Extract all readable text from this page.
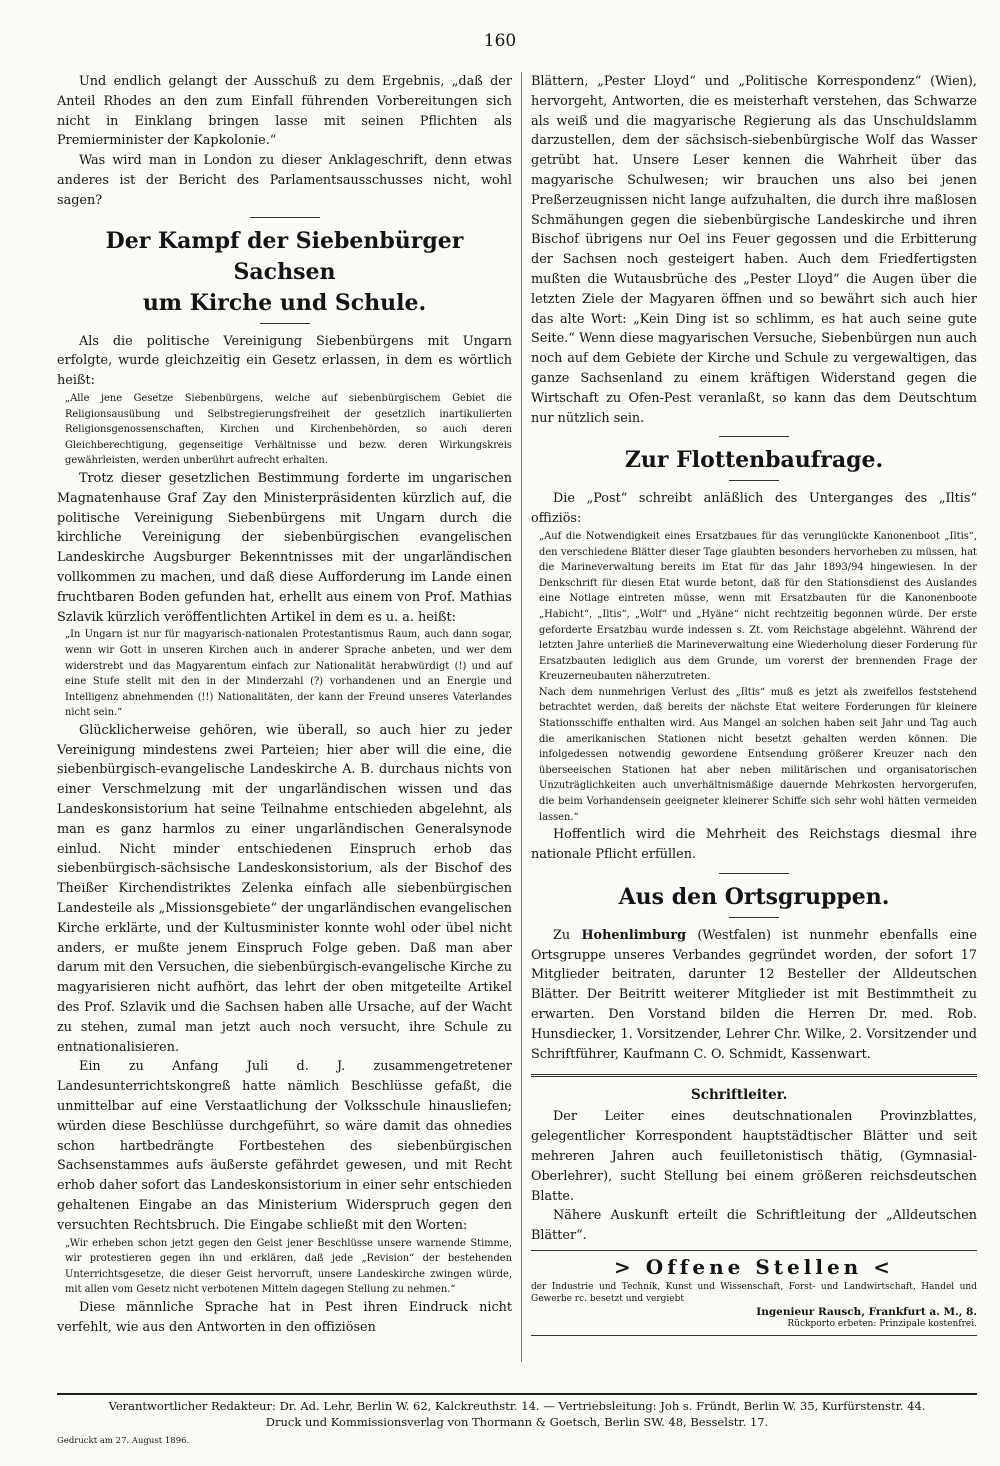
160

Und endlich gelangt der Ausschuß zu dem Ergebnis, „daß der Anteil Rhodes an den zum Einfall führenden Vorbereitungen sich nicht in Einklang bringen lasse mit seinen Pflichten als Premierminister der Kapkolonie.“

Was wird man in London zu dieser Anklageschrift, denn etwas anderes ist der Bericht des Parlamentsausschusses nicht, wohl sagen?

Der Kampf der Siebenbürger Sachsen

um Kirche und Schule.

Als die politische Vereinigung Siebenbürgens mit Ungarn erfolgte, wurde gleichzeitig ein Gesetz erlassen, in dem es wörtlich heißt:

„Alle jene Gesetze Siebenbürgens, welche auf siebenbürgischem Gebiet die Religionsausübung und Selbstregierungsfreiheit der gesetzlich inartikulierten Religionsgenossenschaften, Kirchen und Kirchenbehörden, so auch deren Gleichberechtigung, gegenseitige Verhältnisse und bezw. deren Wirkungskreis gewährleisten, werden unberührt aufrecht erhalten.

Trotz dieser gesetzlichen Bestimmung forderte im ungarischen Magnatenhause Graf Zay den Ministerpräsidenten kürzlich auf, die politische Vereinigung Siebenbürgens mit Ungarn durch die kirchliche Vereinigung der siebenbürgischen evangelischen Landeskirche Augsburger Bekenntnisses mit der ungarländischen vollkommen zu machen, und daß diese Aufforderung im Lande einen fruchtbaren Boden gefunden hat, erhellt aus einem von Prof. Mathias Szlavik kürzlich veröffentlichten Artikel in dem es u. a. heißt:

„In Ungarn ist nur für magyarisch-nationalen Protestantismus Raum, auch dann sogar, wenn wir Gott in unseren Kirchen auch in anderer Sprache anbeten, und wer dem widerstrebt und das Magyarentum einfach zur Nationalität herabwürdigt (!) und auf eine Stufe stellt mit den in der Minderzahl (?) vorhandenen und an Energie und Intelligenz abnehmenden (!!) Nationalitäten, der kann der Freund unseres Vaterlandes nicht sein.“

Glücklicherweise gehören, wie überall, so auch hier zu jeder Vereinigung mindestens zwei Parteien; hier aber will die eine, die siebenbürgisch-evangelische Landeskirche A. B. durchaus nichts von einer Verschmelzung mit der ungarländischen wissen und das Landeskonsistorium hat seine Teilnahme entschieden abgelehnt, als man es ganz harmlos zu einer ungarländischen Generalsynode einlud. Nicht minder entschiedenen Einspruch erhob das siebenbürgisch-sächsische Landeskonsistorium, als der Bischof des Theißer Kirchendistriktes Zelenka einfach alle siebenbürgischen Landesteile als „Missionsgebiete“ der ungarländischen evangelischen Kirche erklärte, und der Kultusminister konnte wohl oder übel nicht anders, er mußte jenem Einspruch Folge geben. Daß man aber darum mit den Versuchen, die siebenbürgisch-evangelische Kirche zu magyarisieren nicht aufhört, das lehrt der oben mitgeteilte Artikel des Prof. Szlavik und die Sachsen haben alle Ursache, auf der Wacht zu stehen, zumal man jetzt auch noch versucht, ihre Schule zu entnationalisieren.

Ein zu Anfang Juli d. J. zusammengetretener Landesunterrichtskongreß hatte nämlich Beschlüsse gefaßt, die unmittelbar auf eine Verstaatlichung der Volksschule hinausliefen; würden diese Beschlüsse durchgeführt, so wäre damit das ohnedies schon hartbedrängte Fortbestehen des siebenbürgischen Sachsenstammes aufs äußerste gefährdet gewesen, und mit Recht erhob daher sofort das Landeskonsistorium in einer sehr entschieden gehaltenen Eingabe an das Ministerium Widerspruch gegen den versuchten Rechtsbruch. Die Eingabe schließt mit den Worten:

„Wir erheben schon jetzt gegen den Geist jener Beschlüsse unsere warnende Stimme, wir protestieren gegen ihn und erklären, daß jede „Revision“ der bestehenden Unterrichtsgesetze, die dieser Geist hervorruft, unsere Landeskirche zwingen würde, mit allen vom Gesetz nicht verbotenen Mitteln dagegen Stellung zu nehmen.“

Diese männliche Sprache hat in Pest ihren Eindruck nicht verfehlt, wie aus den Antworten in den offiziösen

Blättern, „Pester Lloyd“ und „Politische Korrespondenz“ (Wien), hervorgeht, Antworten, die es meisterhaft verstehen, das Schwarze als weiß und die magyarische Regierung als das Unschuldslamm darzustellen, dem der sächsisch-siebenbürgische Wolf das Wasser getrübt hat. Unsere Leser kennen die Wahrheit über das magyarische Schulwesen; wir brauchen uns also bei jenen Preßerzeugnissen nicht lange aufzuhalten, die durch ihre maßlosen Schmähungen gegen die siebenbürgische Landeskirche und ihren Bischof übrigens nur Oel ins Feuer gegossen und die Erbitterung der Sachsen noch gesteigert haben. Auch dem Friedfertigsten mußten die Wutausbrüche des „Pester Lloyd“ die Augen über die letzten Ziele der Magyaren öffnen und so bewährt sich auch hier das alte Wort: „Kein Ding ist so schlimm, es hat auch seine gute Seite.“ Wenn diese magyarischen Versuche, Siebenbürgen nun auch noch auf dem Gebiete der Kirche und Schule zu vergewaltigen, das ganze Sachsenland zu einem kräftigen Widerstand gegen die Wirtschaft zu Ofen-Pest veranlaßt, so kann das dem Deutschtum nur nützlich sein.

Zur Flottenbaufrage.

Die „Post“ schreibt anläßlich des Unterganges des „Iltis“ offiziös:

„Auf die Notwendigkeit eines Ersatzbaues für das verunglückte Kanonenboot „Iltis“, den verschiedene Blätter dieser Tage glaubten besonders hervorheben zu müssen, hat die Marineverwaltung bereits im Etat für das Jahr 1893/94 hingewiesen. In der Denkschrift für diesen Etat wurde betont, daß für den Stationsdienst des Auslandes eine Notlage eintreten müsse, wenn mit Ersatzbauten für die Kanonenboote „Habicht“, „Iltis“, „Wolf“ und „Hyäne“ nicht rechtzeitig begonnen würde. Der erste geforderte Ersatzbau wurde indessen s. Zt. vom Reichstage abgelehnt. Während der letzten Jahre unterließ die Marineverwaltung eine Wiederholung dieser Forderung für Ersatzbauten lediglich aus dem Grunde, um vorerst der brennenden Frage der Kreuzerneubauten näherzutreten.

Nach dem nunmehrigen Verlust des „Iltis“ muß es jetzt als zweifellos feststehend betrachtet werden, daß bereits der nächste Etat weitere Forderungen für kleinere Stationsschiffe enthalten wird. Aus Mangel an solchen haben seit Jahr und Tag auch die amerikanischen Stationen nicht besetzt gehalten werden können. Die infolgedessen notwendig gewordene Entsendung größerer Kreuzer nach den überseeischen Stationen hat aber neben militärischen und organisatorischen Unzuträglichkeiten auch unverhältnismäßige dauernde Mehrkosten hervorgerufen, die beim Vorhandensein geeigneter kleinerer Schiffe sich sehr wohl hätten vermeiden lassen.“

Hoffentlich wird die Mehrheit des Reichstags diesmal ihre nationale Pflicht erfüllen.

Aus den Ortsgruppen.

Zu Hohenlimburg (Westfalen) ist nunmehr ebenfalls eine Ortsgruppe unseres Verbandes gegründet worden, der sofort 17 Mitglieder beitraten, darunter 12 Besteller der Alldeutschen Blätter. Der Beitritt weiterer Mitglieder ist mit Bestimmtheit zu erwarten. Den Vorstand bilden die Herren Dr. med. Rob. Hunsdiecker, 1. Vorsitzender, Lehrer Chr. Wilke, 2. Vorsitzender und Schriftführer, Kaufmann C. O. Schmidt, Kassenwart.

Schriftleiter.

Der Leiter eines deutschnationalen Provinzblattes, gelegentlicher Korrespondent hauptstädtischer Blätter und seit mehreren Jahren auch feuilletonistisch thätig, (Gymnasial-Oberlehrer), sucht Stellung bei einem größeren reichsdeutschen Blatte.

Nähere Auskunft erteilt die Schriftleitung der „Alldeutschen Blätter“.

> Offene Stellen <

der Industrie und Technik, Kunst und Wissenschaft, Forst- und Landwirtschaft, Handel und Gewerbe rc. besetzt und vergiebt

Ingenieur Rausch, Frankfurt a. M., 8.

Rückporto erbeten: Prinzipale kostenfrei.

Verantwortlicher Redakteur: Dr. Ad. Lehr, Berlin W. 62, Kalckreuthstr. 14. — Vertriebsleitung: Joh s. Fründt, Berlin W. 35, Kurfürstenstr. 44.

Druck und Kommissionsverlag von Thormann & Goetsch, Berlin SW. 48, Besselstr. 17.

Gedruckt am 27. August 1896.
